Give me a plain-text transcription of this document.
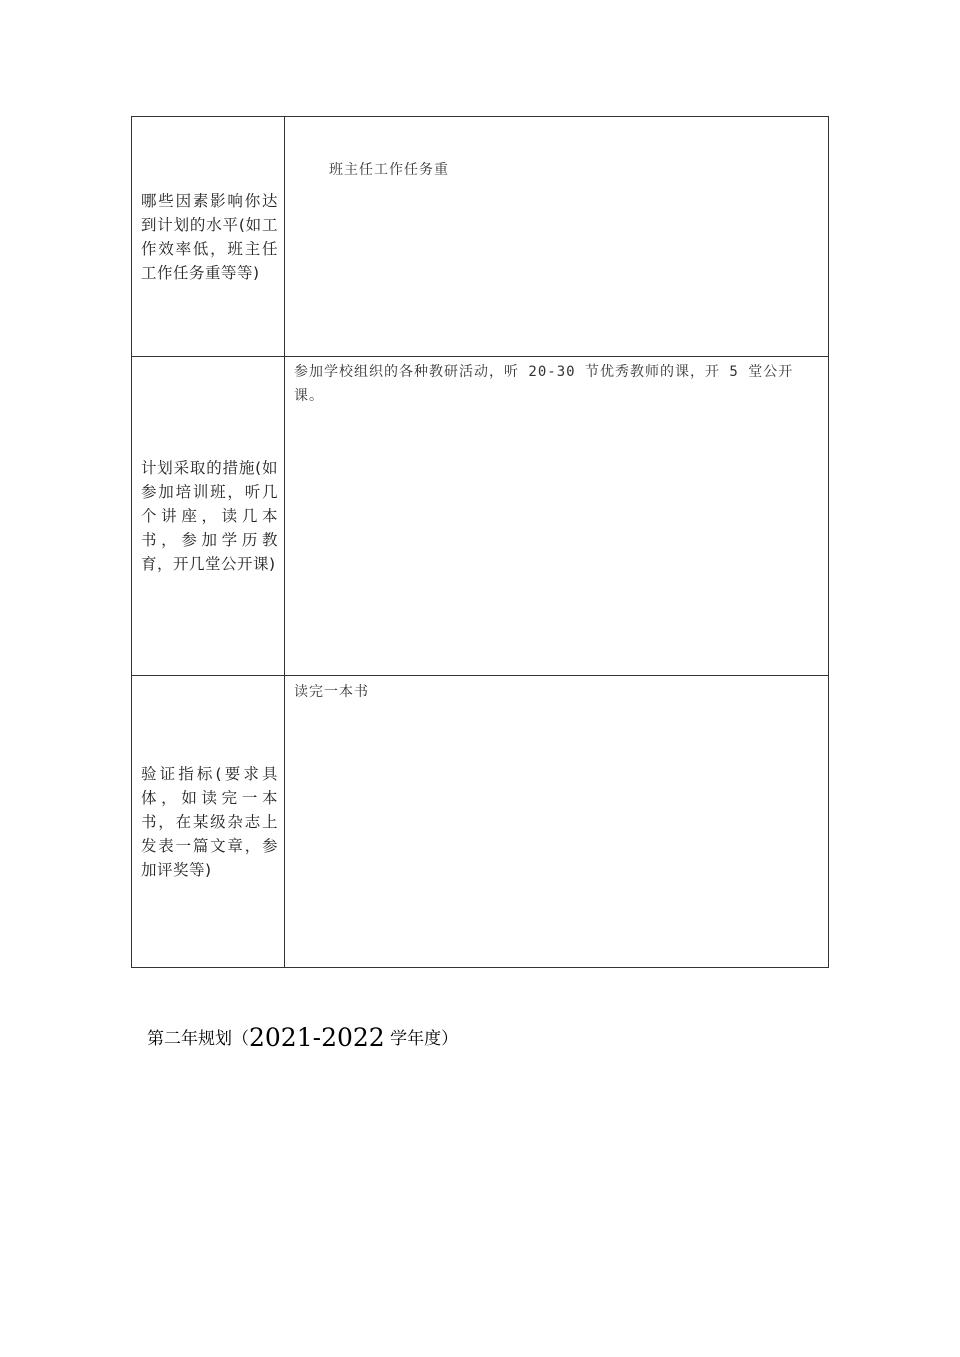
哪些因素影响你达到计划的水平(如工作效率低，班主任工作任务重等等)	班主任工作任务重

计划采取的措施(如参加培训班，听几个讲座，读几本书，参加学历教育，开几堂公开课)	参加学校组织的各种教研活动，听 20-30 节优秀教师的课，开 5 堂公开课。

验证指标(要求具体，如读完一本书，在某级杂志上发表一篇文章，参加评奖等)	读完一本书
第二年规划（2021-2022 学年度）
